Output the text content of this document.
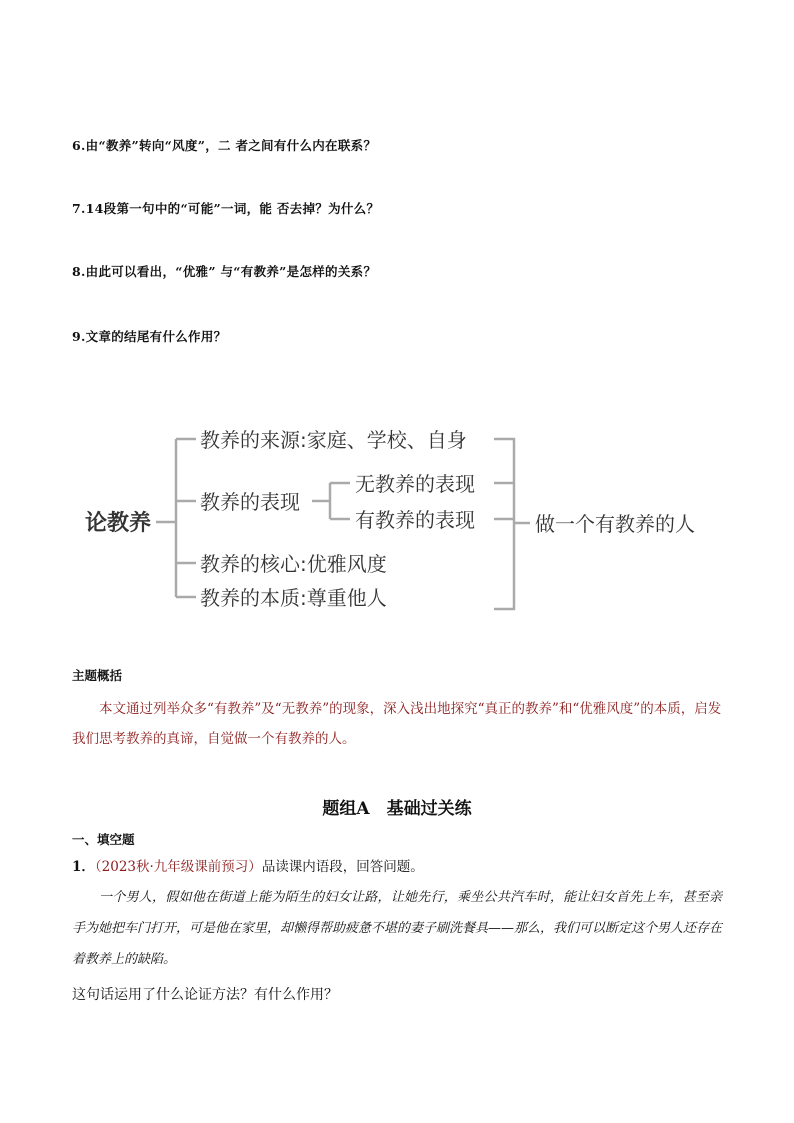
6.由“教养”转向“风度”，二 者之间有什么内在联系？
7.14段第一句中的“可能”一词，能 否去掉？为什么？
8.由此可以看出，“优雅” 与“有教养”是怎样的关系？
9.文章的结尾有什么作用？
论教养
教养的来源:家庭、学校、自身
教养的表现
教养的核心:优雅风度
教养的本质:尊重他人
无教养的表现
有教养的表现	做一个有教养的人
主题概括
本文通过列举众多“有教养”及“无教养”的现象，深入浅出地探究“真正的教养”和“优雅风度”的本质，启发我们思考教养的真谛，自觉做一个有教养的人。
题组A　基础过关练
一、填空题
1．（2023秋·九年级课前预习）品读课内语段，回答问题。
一个男人，假如他在街道上能为陌生的妇女让路，让她先行，乘坐公共汽车时，能让妇女首先上车，甚至亲手为她把车门打开，可是他在家里，却懒得帮助疲惫不堪的妻子刷洗餐具——那么，我们可以断定这个男人还存在着教养上的缺陷。
这句话运用了什么论证方法？有什么作用？
